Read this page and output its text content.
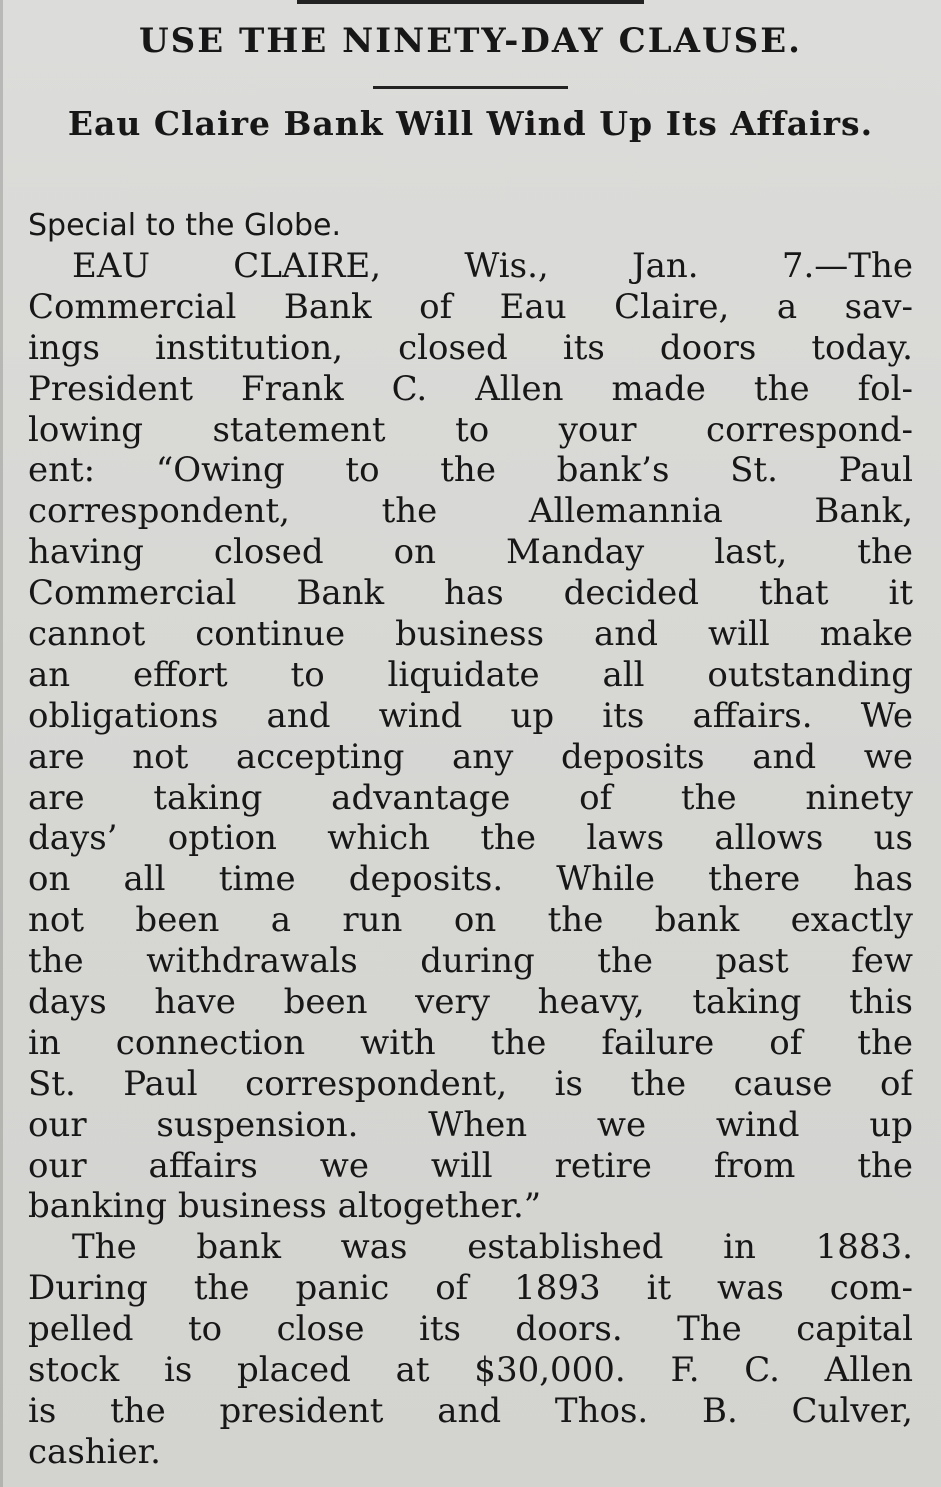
USE THE NINETY-DAY CLAUSE.
Eau Claire Bank Will Wind Up Its Affairs.
Special to the Globe.
EAU CLAIRE, Wis., Jan. 7.—The
Commercial Bank of Eau Claire, a sav-
ings institution, closed its doors today.
President Frank C. Allen made the fol-
lowing statement to your correspond-
ent: “Owing to the bank’s St. Paul
correspondent, the Allemannia Bank,
having closed on Manday last, the
Commercial Bank has decided that it
cannot continue business and will make
an effort to liquidate all outstanding
obligations and wind up its affairs. We
are not accepting any deposits and we
are taking advantage of the ninety
days’ option which the laws allows us
on all time deposits. While there has
not been a run on the bank exactly
the withdrawals during the past few
days have been very heavy, taking this
in connection with the failure of the
St. Paul correspondent, is the cause of
our suspension. When we wind up
our affairs we will retire from the
banking business altogether.”
The bank was established in 1883.
During the panic of 1893 it was com-
pelled to close its doors. The capital
stock is placed at $30,000. F. C. Allen
is the president and Thos. B. Culver,
cashier.
